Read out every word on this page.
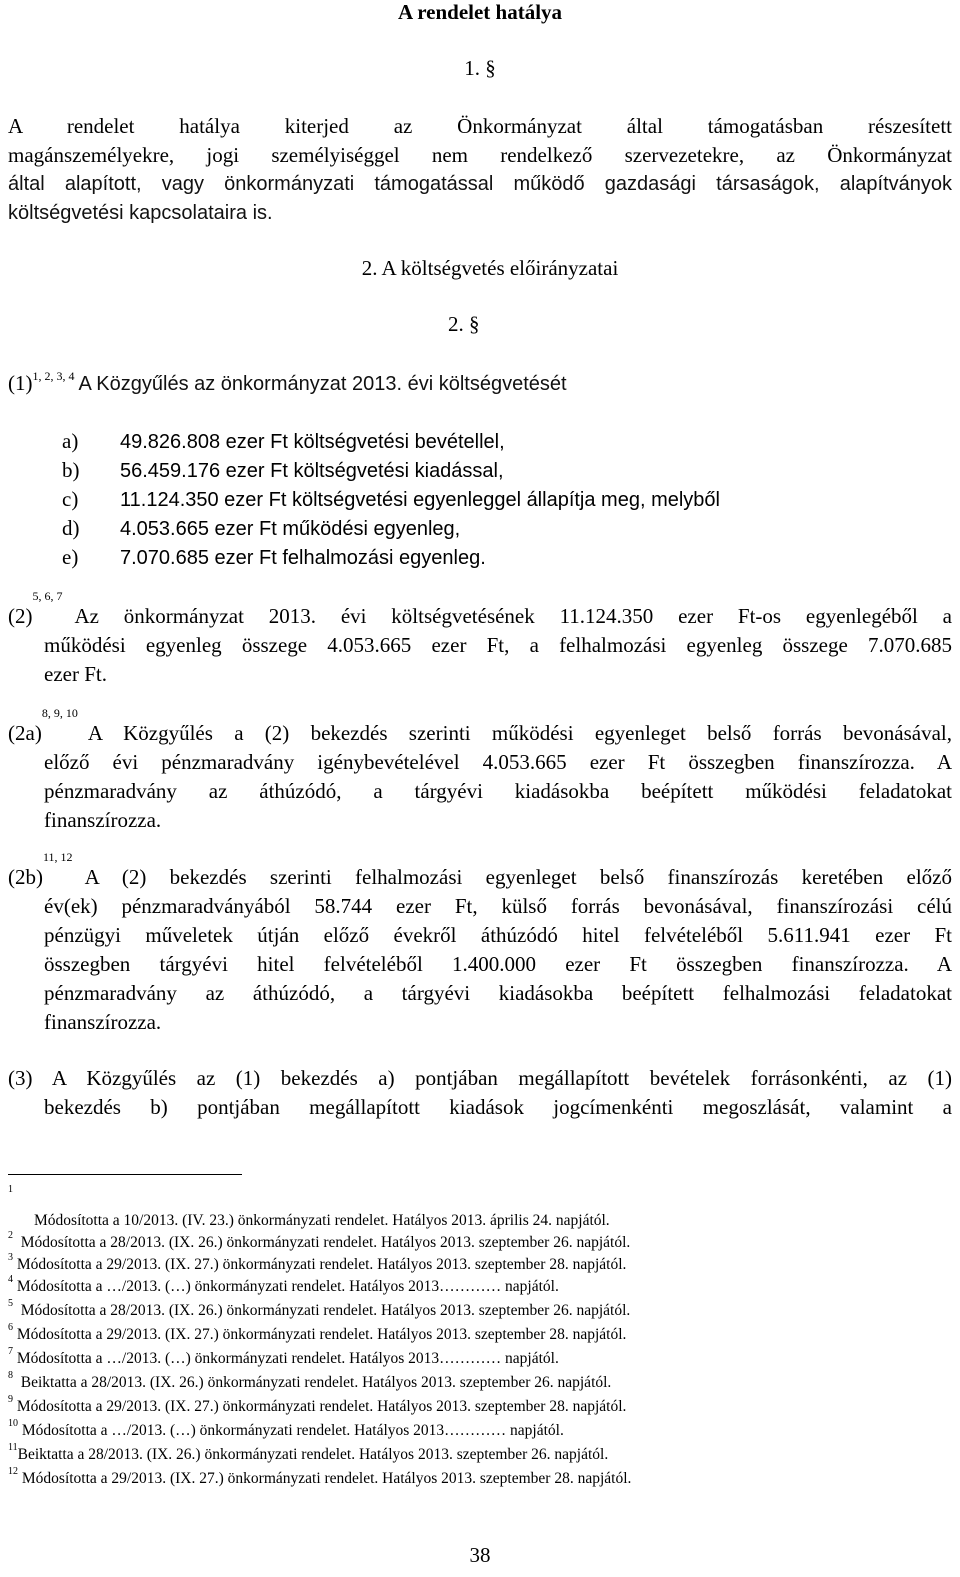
A rendelet hatálya
1. §
A rendelet hatálya kiterjed az Önkormányzat által támogatásban részesített
magánszemélyekre, jogi személyiséggel nem rendelkező szervezetekre, az Önkormányzat
által alapított, vagy önkormányzati támogatással működő gazdasági társaságok, alapítványok
költségvetési kapcsolataira is.
2. A költségvetés előirányzatai
2. §
$(1)^{1, 2, 3, 4}$ A Közgyűlés az önkormányzat 2013. évi költségvetését
a) 49.826.808 ezer Ft költségvetési bevétellel,
b) 56.459.176 ezer Ft költségvetési kiadással,
c) 11.124.350 ezer Ft költségvetési egyenleggel állapítja meg, melyből
d) 4.053.665 ezer Ft működési egyenleg,
e) 7.070.685 ezer Ft felhalmozási egyenleg.
(2)
$^{5, 6, 7}$
Az önkormányzat 2013. évi költségvetésének 11.124.350 ezer Ft-os egyenlegéből a
működési egyenleg összege 4.053.665 ezer Ft, a felhalmozási egyenleg összege 7.070.685
ezer Ft.
(2a)
$^{8, 9, 10}$
A Közgyűlés a (2) bekezdés szerinti működési egyenleget belső forrás bevonásával,
előző évi pénzmaradvány igénybevételével 4.053.665 ezer Ft összegben finanszírozza. A
pénzmaradvány az áthúzódó, a tárgyévi kiadásokba beépített működési feladatokat
finanszírozza.
(2b)
$^{11, 12}$
A (2) bekezdés szerinti felhalmozási egyenleget belső finanszírozás keretében előző
év(ek) pénzmaradványából 58.744 ezer Ft, külső forrás bevonásával, finanszírozási célú
pénzügyi műveletek útján előző évekről áthúzódó hitel felvételéből 5.611.941 ezer Ft
összegben tárgyévi hitel felvételéből 1.400.000 ezer Ft összegben finanszírozza. A
pénzmaradvány az áthúzódó, a tárgyévi kiadásokba beépített felhalmozási feladatokat
finanszírozza.
(3) A Közgyűlés az (1) bekezdés a) pontjában megállapított bevételek forrásonkénti, az (1)
bekezdés b) pontjában megállapított kiadások jogcímenkénti megoszlását, valamint a
1
Módosította a 10/2013. (IV. 23.) önkormányzati rendelet. Hatályos 2013. április 24. napjától.
$^2$ Módosította a 28/2013. (IX. 26.) önkormányzati rendelet. Hatályos 2013. szeptember 26. napjától.
$^3$ Módosította a 29/2013. (IX. 27.) önkormányzati rendelet. Hatályos 2013. szeptember 28. napjától.
$^4$ Módosította a …/2013. (…) önkormányzati rendelet. Hatályos 2013………… napjától.
$^5$ Módosította a 28/2013. (IX. 26.) önkormányzati rendelet. Hatályos 2013. szeptember 26. napjától.
$^6$ Módosította a 29/2013. (IX. 27.) önkormányzati rendelet. Hatályos 2013. szeptember 28. napjától.
$^7$ Módosította a …/2013. (…) önkormányzati rendelet. Hatályos 2013………… napjától.
$^8$ Beiktatta a 28/2013. (IX. 26.) önkormányzati rendelet. Hatályos 2013. szeptember 26. napjától.
$^9$ Módosította a 29/2013. (IX. 27.) önkormányzati rendelet. Hatályos 2013. szeptember 28. napjától.
$^{10}$ Módosította a …/2013. (…) önkormányzati rendelet. Hatályos 2013………… napjától.
$^{11}$Beiktatta a 28/2013. (IX. 26.) önkormányzati rendelet. Hatályos 2013. szeptember 26. napjától.
$^{12}$ Módosította a 29/2013. (IX. 27.) önkormányzati rendelet. Hatályos 2013. szeptember 28. napjától.
38
